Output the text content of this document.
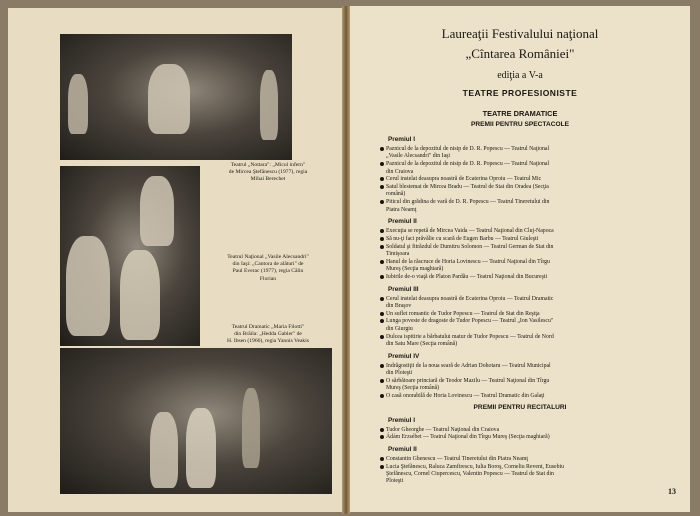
Teatrul „Nottara": „Micul infern"
de Mircea Ştefănescu (1977), regia
Mihai Berechet
Teatrul Naţional „Vasile Alecsandri"
din Iaşi: „Cantora de alături" de
Paul Everac (1977), regia Călin
Florian
Teatrul Dramatic „Maria Filotti"
din Brăila: „Hedda Gabler" de
H. Ibsen (1966), regia Yannis Veakis
Laureaţii Festivalului naţional
„Cîntarea României"
ediţia a V-a
TEATRE PROFESIONISTE
TEATRE DRAMATICE
PREMII PENTRU SPECTACOLE
Premiul I
Paznicul de la depozitul de nisip de D. R. Popescu — Teatrul Naţional
„Vasile Alecsandri" din Iaşi
Paznicul de la depozitul de nisip de D. R. Popescu — Teatrul Naţional
din Craiova
Cerul instelat deasupra noastră de Ecaterina Oproiu — Teatrul Mic
Satul blestemat de Mircea Bradu — Teatrul de Stat din Oradea (Secţia
română)
Piticul din grădina de vară de D. R. Popescu — Teatrul Tineretului din
Piatra Neamţ
Premiul II
Execuţia se repetă de Mircea Vaida — Teatrul Naţional din Cluj-Napoca
Să nu-ţi faci prăvălie cu scară de Eugen Barbu — Teatrul Giuleşti
Soldatul şi fitrăzdul de Dumitru Solomon — Teatrul German de Stat din
Timişoara
Hanul de la răscruce de Horia Lovinescu — Teatrul Naţional din Tîrgu
Mureş (Secţia maghiară)
Iubirile de-o viaţă de Platon Pardău — Teatrul Naţional din Bucureşti
Premiul III
Cerul instelat deasupra noastră de Ecaterina Oproiu — Teatrul Dramatic
din Braşov
Un suflet romantic de Tudor Popescu — Teatrul de Stat din Reşiţa
Lunga poveste de dragoste de Tudor Popescu — Teatrul „Ion Vasilescu"
din Giurgiu
Dulcea ispitirie a bărbatului matur de Tudor Popescu — Teatrul de Nord
din Satu Mare (Secţia română)
Premiul IV
Indrăgostiţii de la noua seară de Adrian Dohotaru — Teatrul Municipal
din Ploieşti
O sărbătoare princiară de Teodor Mazilu — Teatrul Naţional din Tîrgu
Mureş (Secţia română)
O casă onorabilă de Horia Lovinescu — Teatrul Dramatic din Galaţi
PREMII PENTRU RECITALURI
Premiul I
Tudor Gheorghe — Teatrul Naţional din Craiova
Ádám Erzsébet — Teatrul Naţional din Tîrgu Mureş (Secţia maghiară)
Premiul II
Constantin Ghenescu — Teatrul Tineretului din Piatra Neamţ
Lucia Ştefănescu, Raluca Zamfirescu, Iulia Boroş, Corneliu Revent, Eusebiu
Ştefănescu, Cornel Ciupercescu, Valentin Popescu — Teatrul de Stat din
Ploieşti
13
